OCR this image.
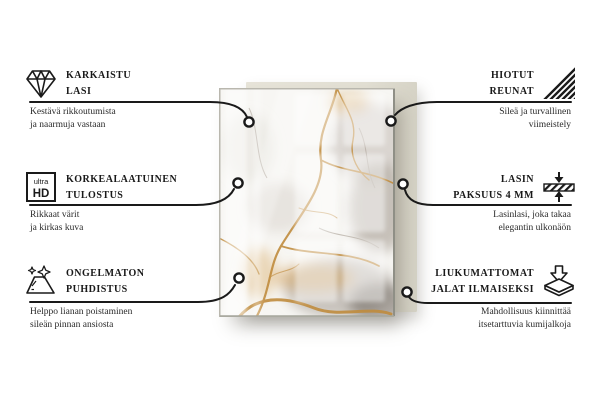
KARKAISTU
LASI
Kestävä rikkoutumista
ja naarmuja vastaan
ultra
HD
KORKEALAATUINEN
TULOSTUS
Rikkaat värit
ja kirkas kuva
ONGELMATON
PUHDISTUS
Helppo lianan poistaminen
sileän pinnan ansiosta
HIOTUT
REUNAT
Sileä ja turvallinen
viimeistely
LASIN
PAKSUUS 4 MM
Lasinlasi, joka takaa
elegantin ulkonäön
LIUKUMATTOMAT
JALAT ILMAISEKSI
Mahdollisuus kiinnittää
itsetarttuvia kumijalkoja
